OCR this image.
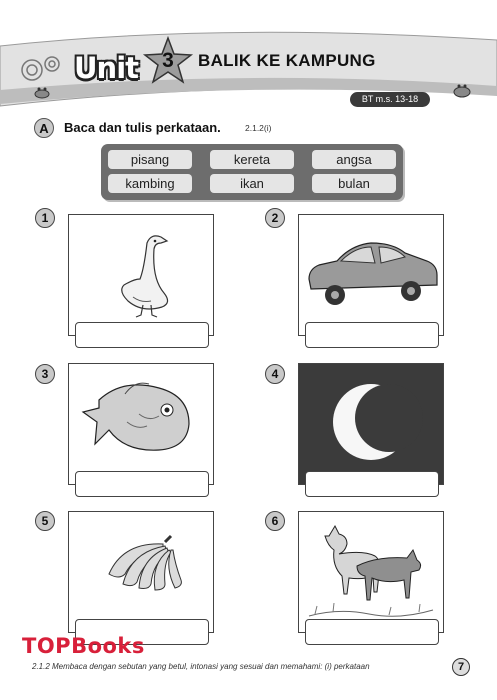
Unit	3	BALIK KE KAMPUNG
BT m.s. 13-18
A	Baca dan tulis perkataan.	2.1.2(i)
pisang	kereta	angsa
kambing	ikan	bulan
1	2
3	4
5	6
TOPBooks
2.1.2 Membaca dengan sebutan yang betul, intonasi yang sesuai dan memahami: (i) perkataan	7
